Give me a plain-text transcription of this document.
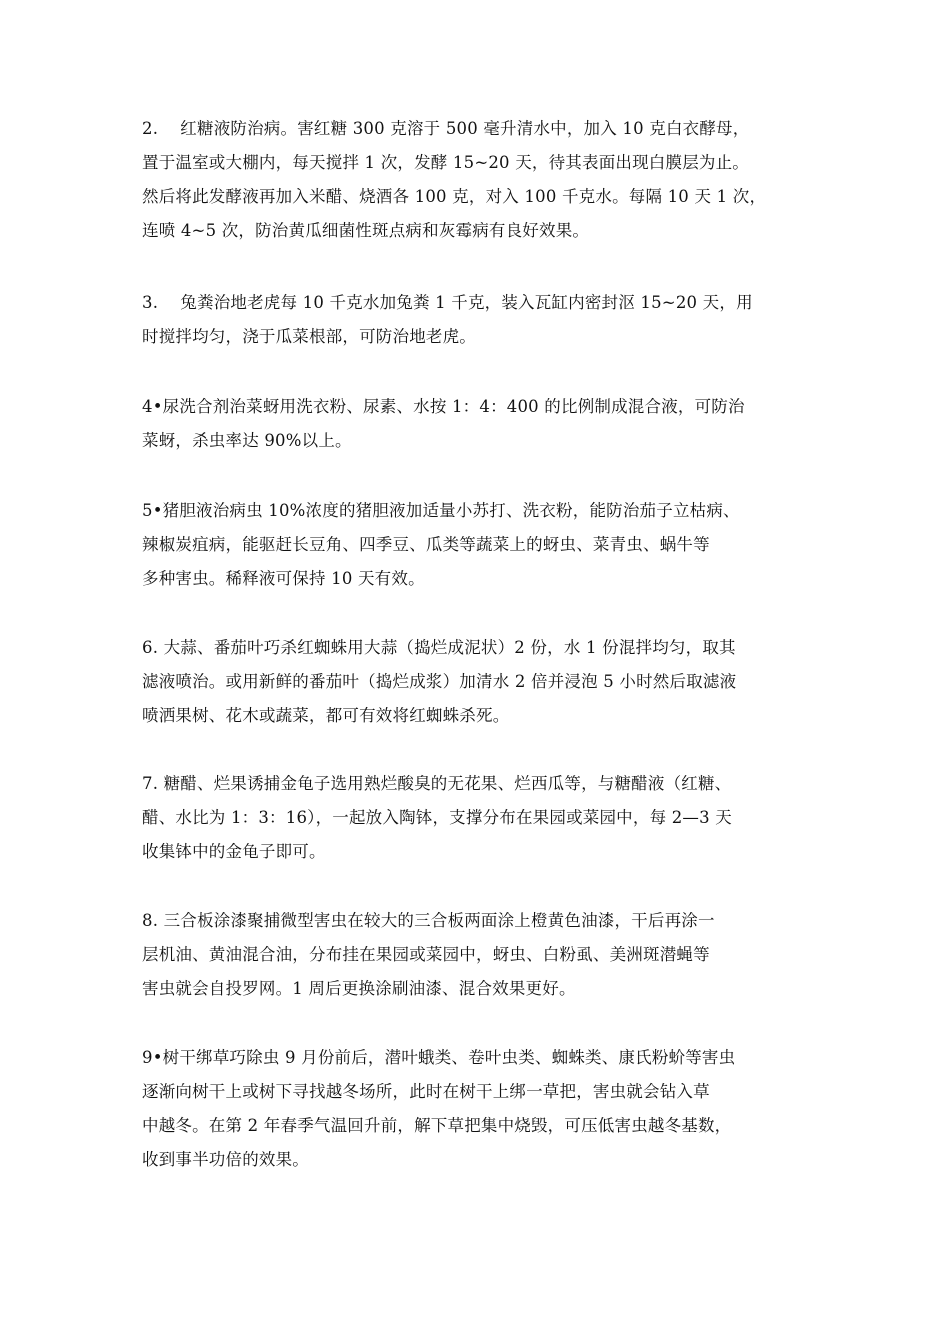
2.　 红糖液防治病。害红糖 300 克溶于 500 毫升清水中，加入 10 克白衣酵母，
置于温室或大棚内，每天搅拌 1 次，发酵 15~20 天，待其表面出现白膜层为止。
然后将此发酵液再加入米醋、烧酒各 100 克，对入 100 千克水。每隔 10 天 1 次，
连喷 4~5 次，防治黄瓜细菌性斑点病和灰霉病有良好效果。

3.　 兔粪治地老虎每 10 千克水加兔粪 1 千克，装入瓦缸内密封沤 15~20 天，用
时搅拌均匀，浇于瓜菜根部，可防治地老虎。

4•尿洗合剂治菜蚜用洗衣粉、尿素、水按 1：4：400 的比例制成混合液，可防治
菜蚜，杀虫率达 90%以上。

5•猪胆液治病虫 10%浓度的猪胆液加适量小苏打、洗衣粉，能防治茄子立枯病、
辣椒炭疽病，能驱赶长豆角、四季豆、瓜类等蔬菜上的蚜虫、菜青虫、蜗牛等
多种害虫。稀释液可保持 10 天有效。

6. 大蒜、番茄叶巧杀红蜘蛛用大蒜（捣烂成泥状）2 份，水 1 份混拌均匀，取其
滤液喷治。或用新鲜的番茄叶（捣烂成浆）加清水 2 倍并浸泡 5 小时然后取滤液
喷洒果树、花木或蔬菜，都可有效将红蜘蛛杀死。

7. 糖醋、烂果诱捕金龟子选用熟烂酸臭的无花果、烂西瓜等，与糖醋液（红糖、
醋、水比为 1：3：16），一起放入陶钵，支撑分布在果园或菜园中，每 2—3 天
收集钵中的金龟子即可。

8. 三合板涂漆聚捕微型害虫在较大的三合板两面涂上橙黄色油漆，干后再涂一
层机油、黄油混合油，分布挂在果园或菜园中，蚜虫、白粉虱、美洲斑潜蝇等
害虫就会自投罗网。1 周后更换涂刷油漆、混合效果更好。

9•树干绑草巧除虫 9 月份前后，潜叶蛾类、卷叶虫类、蜘蛛类、康氏粉蚧等害虫
逐渐向树干上或树下寻找越冬场所，此时在树干上绑一草把，害虫就会钻入草
中越冬。在第 2 年春季气温回升前，解下草把集中烧毁，可压低害虫越冬基数，
收到事半功倍的效果。
